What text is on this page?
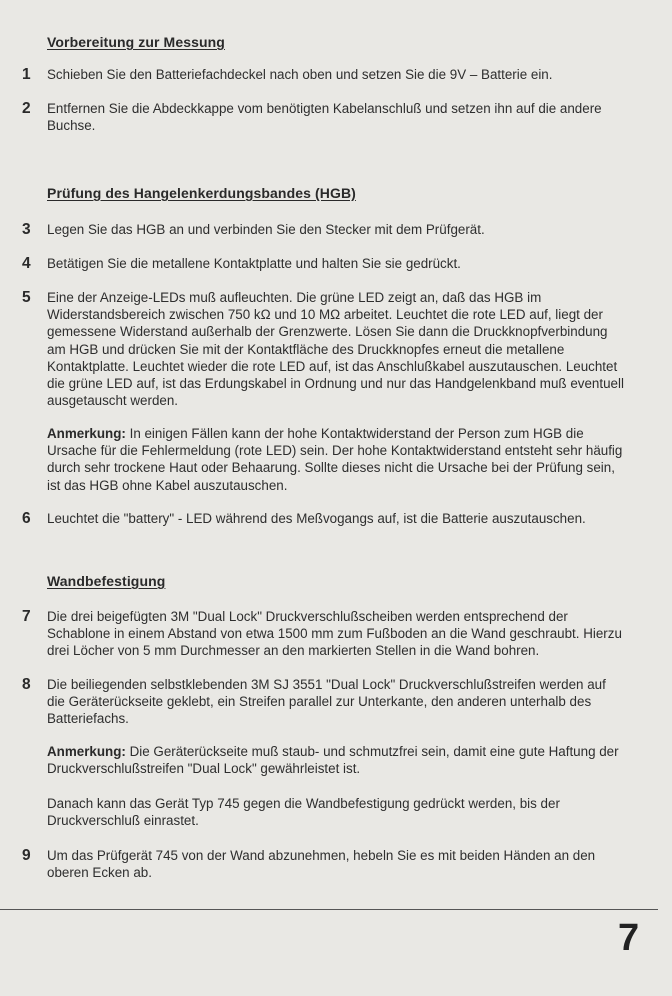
Vorbereitung zur Messung
1 Schieben Sie den Batteriefachdeckel nach oben und setzen Sie die 9V – Batterie ein.

2 Entfernen Sie die Abdeckkappe vom benötigten Kabelanschluß und setzen ihn auf die andere Buchse.

Prüfung des Hangelenkerdungsbandes (HGB)
3 Legen Sie das HGB an und verbinden Sie den Stecker mit dem Prüfgerät.

4 Betätigen Sie die metallene Kontaktplatte und halten Sie sie gedrückt.

5 Eine der Anzeige-LEDs muß aufleuchten. Die grüne LED zeigt an, daß das HGB im Widerstandsbereich zwischen 750 kΩ und 10 MΩ arbeitet. Leuchtet die rote LED auf, liegt der gemessene Widerstand außerhalb der Grenzwerte. Lösen Sie dann die Druckknopfverbindung am HGB und drücken Sie mit der Kontaktfläche des Druckknopfes erneut die metallene Kontaktplatte. Leuchtet wieder die rote LED auf, ist das Anschlußkabel auszutauschen. Leuchtet die grüne LED auf, ist das Erdungskabel in Ordnung und nur das Handgelenkband muß eventuell ausgetauscht werden.

Anmerkung: In einigen Fällen kann der hohe Kontaktwiderstand der Person zum HGB die Ursache für die Fehlermeldung (rote LED) sein. Der hohe Kontaktwiderstand entsteht sehr häufig durch sehr trockene Haut oder Behaarung. Sollte dieses nicht die Ursache bei der Prüfung sein, ist das HGB ohne Kabel auszutauschen.

6 Leuchtet die "battery" - LED während des Meßvogangs auf, ist die Batterie auszutauschen.

Wandbefestigung
7 Die drei beigefügten 3M "Dual Lock" Druckverschlußscheiben werden entsprechend der Schablone in einem Abstand von etwa 1500 mm zum Fußboden an die Wand geschraubt. Hierzu drei Löcher von 5 mm Durchmesser an den markierten Stellen in die Wand bohren.

8 Die beiliegenden selbstklebenden 3M SJ 3551 "Dual Lock" Druckverschlußstreifen werden auf die Geräterückseite geklebt, ein Streifen parallel zur Unterkante, den anderen unterhalb des Batteriefachs.

Anmerkung: Die Geräterückseite muß staub- und schmutzfrei sein, damit eine gute Haftung der Druckverschlußstreifen "Dual Lock" gewährleistet ist.

Danach kann das Gerät Typ 745 gegen die Wandbefestigung gedrückt werden, bis der Druckverschluß einrastet.

9 Um das Prüfgerät 745 von der Wand abzunehmen, hebeln Sie es mit beiden Händen an den oberen Ecken ab.

7
